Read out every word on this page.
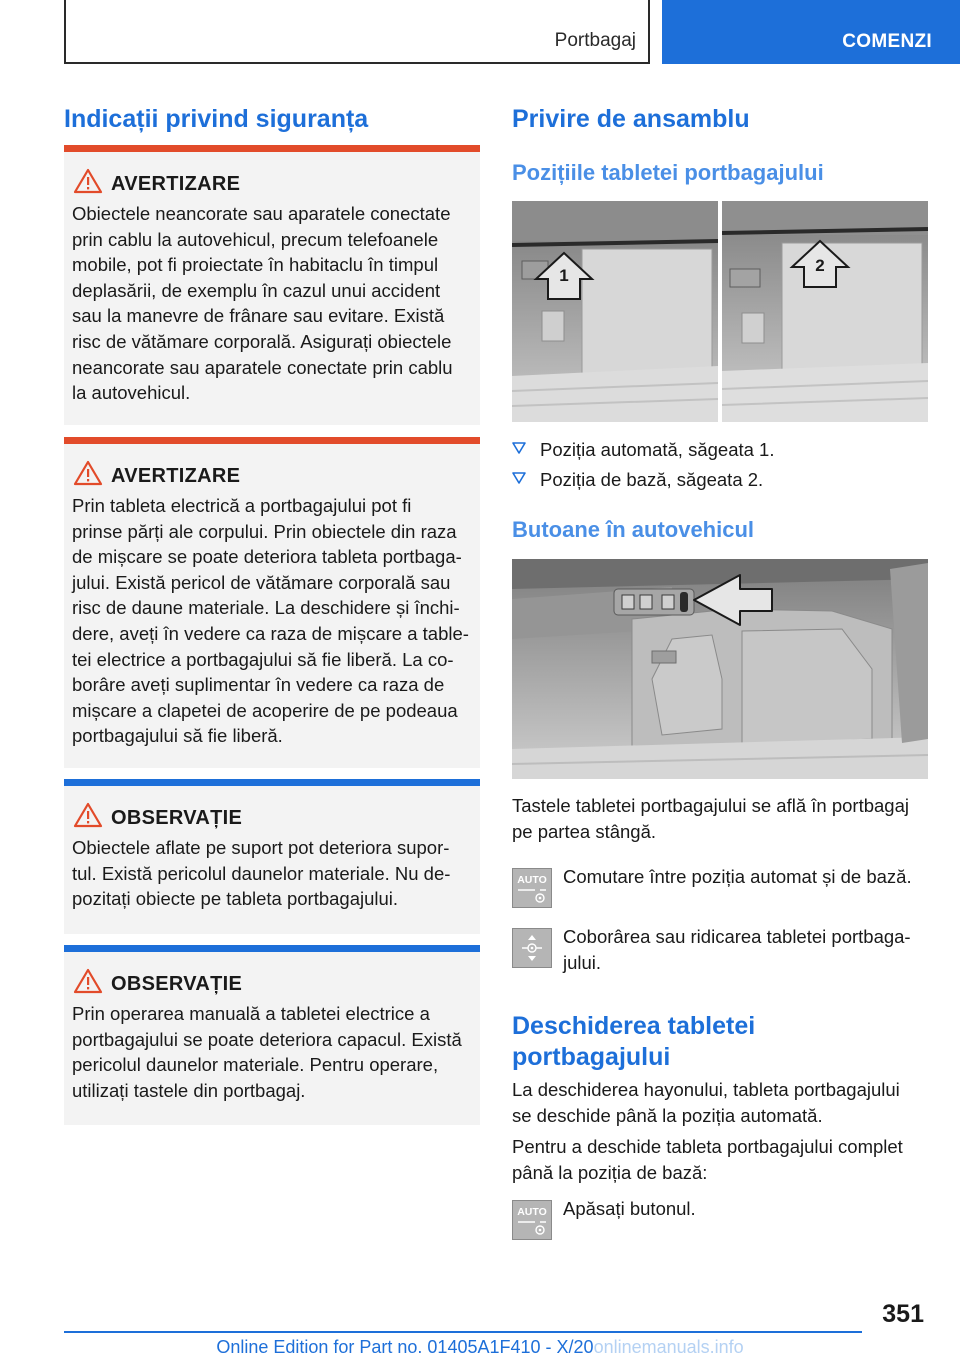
Portbagaj	COMENZI
Indicații privind siguranța
AVERTIZARE
Obiectele neancorate sau aparatele conectate
prin cablu la autovehicul, precum telefoanele
mobile, pot fi proiectate în habitaclu în timpul
deplasării, de exemplu în cazul unui accident
sau la manevre de frânare sau evitare. Există
risc de vătămare corporală. Asigurați obiectele
neancorate sau aparatele conectate prin cablu
la autovehicul.
AVERTIZARE
Prin tableta electrică a portbagajului pot fi
prinse părți ale corpului. Prin obiectele din raza
de mișcare se poate deteriora tableta portbaga‐
jului. Există pericol de vătămare corporală sau
risc de daune materiale. La deschidere și închi‐
dere, aveți în vedere ca raza de mișcare a table‐
tei electrice a portbagajului să fie liberă. La co‐
borâre aveți suplimentar în vedere ca raza de
mișcare a clapetei de acoperire de pe podeaua
portbagajului să fie liberă.
OBSERVAȚIE
Obiectele aflate pe suport pot deteriora supor‐
tul. Există pericolul daunelor materiale. Nu de‐
pozitați obiecte pe tableta portbagajului.
OBSERVAȚIE
Prin operarea manuală a tabletei electrice a
portbagajului se poate deteriora capacul. Există
pericolul daunelor materiale. Pentru operare,
utilizați tastele din portbagaj.
Privire de ansamblu
Pozițiile tabletei portbagajului
1
2
Poziția automată, săgeata 1.
Poziția de bază, săgeata 2.
Butoane în autovehicul
Tastele tabletei portbagajului se află în portbagaj
pe partea stângă.
AUTO Comutare între poziția automat și de bază.
Coborârea sau ridicarea tabletei portbaga‐
jului.
Deschiderea tabletei
portbagajului
La deschiderea hayonului, tableta portbagajului
se deschide până la poziția automată.
Pentru a deschide tableta portbagajului complet
până la poziția de bază:
AUTO Apăsați butonul.
351
Online Edition for Part no. 01405A1F410 - X/20onlinemanuals.info
